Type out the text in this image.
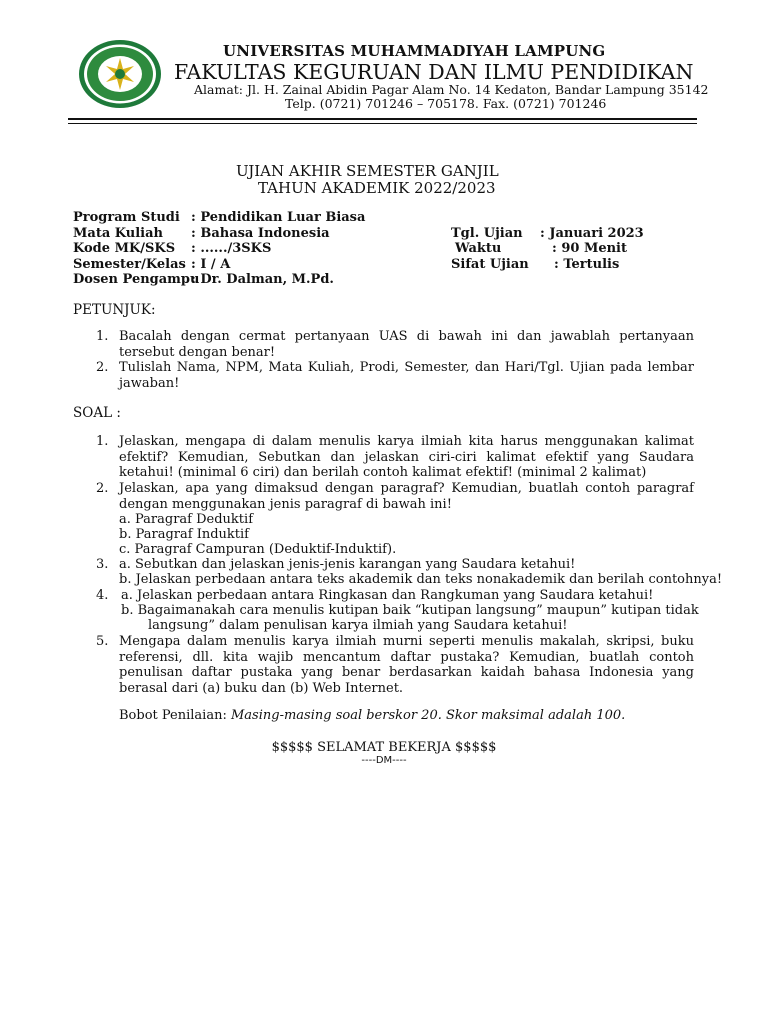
UNIVERSITAS MUHAMMADIYAH LAMPUNG
FAKULTAS KEGURUAN DAN ILMU PENDIDIKAN
Alamat: Jl. H. Zainal Abidin Pagar Alam No. 14 Kedaton, Bandar Lampung 35142
Telp. (0721) 701246 – 705178. Fax. (0721) 701246
UJIAN AKHIR SEMESTER GANJIL
TAHUN AKADEMIK 2022/2023
Program Studi : Pendidikan Luar Biasa
Mata Kuliah : Bahasa Indonesia
Kode MK/SKS : ....../3SKS
Semester/Kelas : I / A
Dosen Pengampu
: Dr. Dalman, M.Pd.
Tgl. Ujian : Januari 2023
Waktu	: 90 Menit
Sifat Ujian : Tertulis
PETUNJUK:
1. Bacalah dengan cermat pertanyaan UAS di bawah ini dan jawablah pertanyaan tersebut dengan benar!
2. Tulislah Nama, NPM, Mata Kuliah, Prodi, Semester, dan Hari/Tgl. Ujian pada lembar jawaban!
SOAL :
1. Jelaskan, mengapa di dalam menulis karya ilmiah kita harus menggunakan kalimat efektif? Kemudian, Sebutkan dan jelaskan ciri-ciri kalimat efektif yang Saudara ketahui! (minimal 6 ciri) dan berilah contoh kalimat efektif! (minimal 2 kalimat)
2. Jelaskan, apa yang dimaksud dengan paragraf? Kemudian, buatlah contoh paragraf dengan menggunakan jenis paragraf di bawah ini!
a. Paragraf Deduktif
b. Paragraf Induktif
c. Paragraf Campuran (Deduktif-Induktif).
3. a. Sebutkan dan jelaskan jenis-jenis karangan yang Saudara ketahui!
b. Jelaskan perbedaan antara teks akademik dan teks nonakademik dan berilah contohnya!
4. a. Jelaskan perbedaan antara Ringkasan dan Rangkuman yang Saudara ketahui!
b. Bagaimanakah cara menulis kutipan baik “kutipan langsung” maupun” kutipan tidak
langsung” dalam penulisan karya ilmiah yang Saudara ketahui!
5. Mengapa dalam menulis karya ilmiah murni seperti menulis makalah, skripsi, buku referensi, dll. kita wajib mencantum daftar pustaka? Kemudian, buatlah contoh penulisan daftar pustaka yang benar berdasarkan kaidah bahasa Indonesia yang berasal dari (a) buku dan (b) Web Internet.
Bobot Penilaian: Masing-masing soal berskor 20. Skor maksimal adalah 100.
$$$$$ SELAMAT BEKERJA $$$$$
----DM----
